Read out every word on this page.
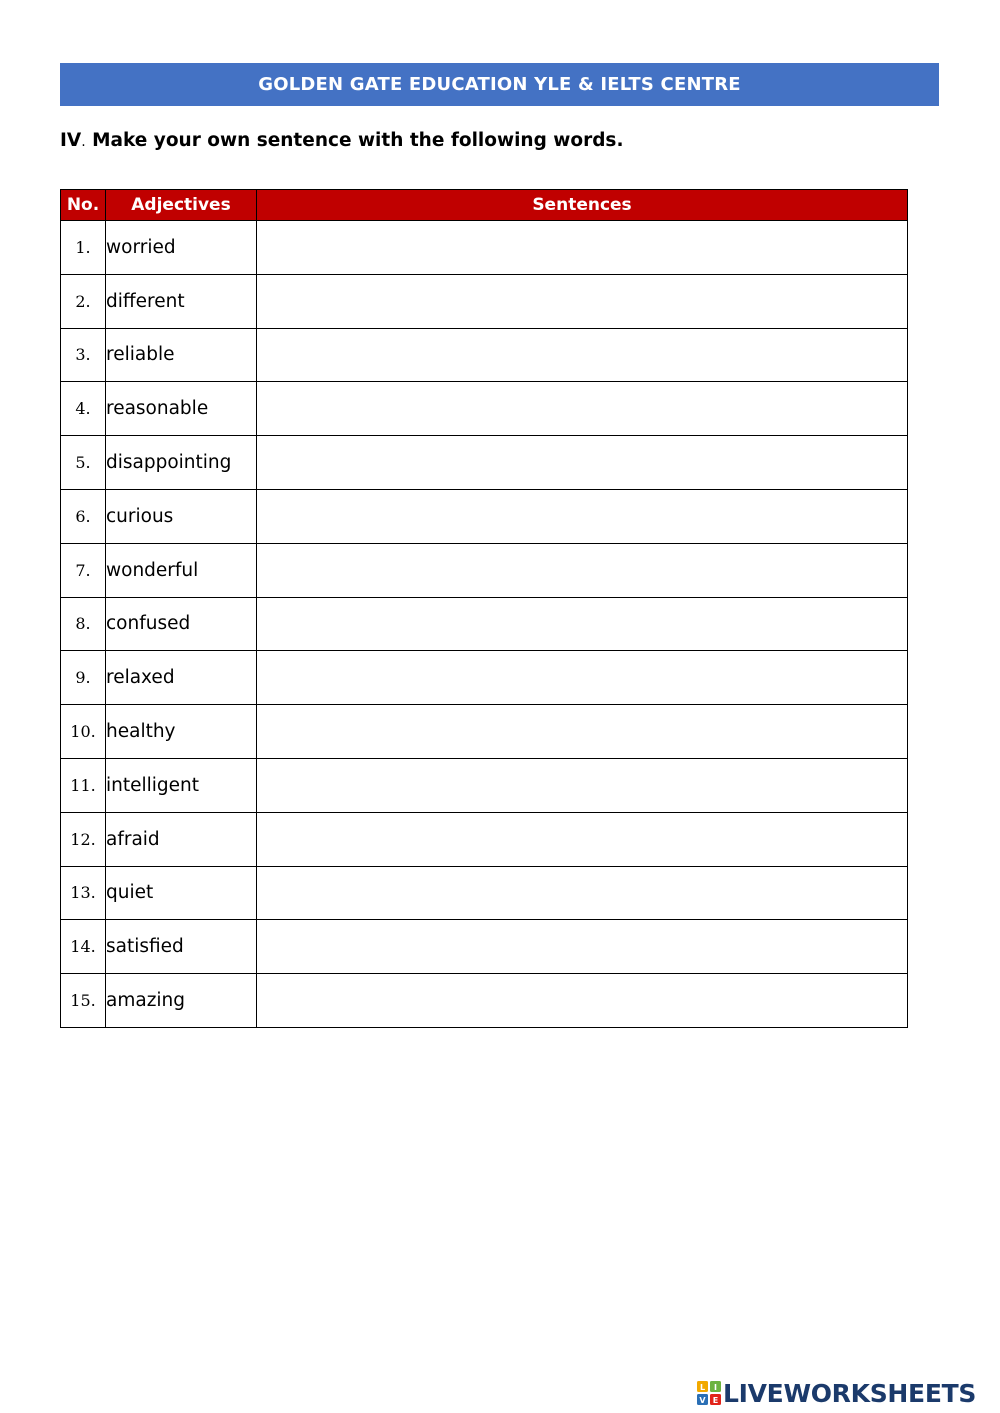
GOLDEN GATE EDUCATION YLE & IELTS CENTRE
IV. Make your own sentence with the following words.
No.	Adjectives	Sentences
1.	worried	
2.	different	
3.	reliable	
4.	reasonable	
5.	disappointing	
6.	curious	
7.	wonderful	
8.	confused	
9.	relaxed	
10.	healthy	
11.	intelligent	
12.	afraid	
13.	quiet	
14.	satisfied	
15.	amazing	
L I
V E LIVEWORKSHEETS
